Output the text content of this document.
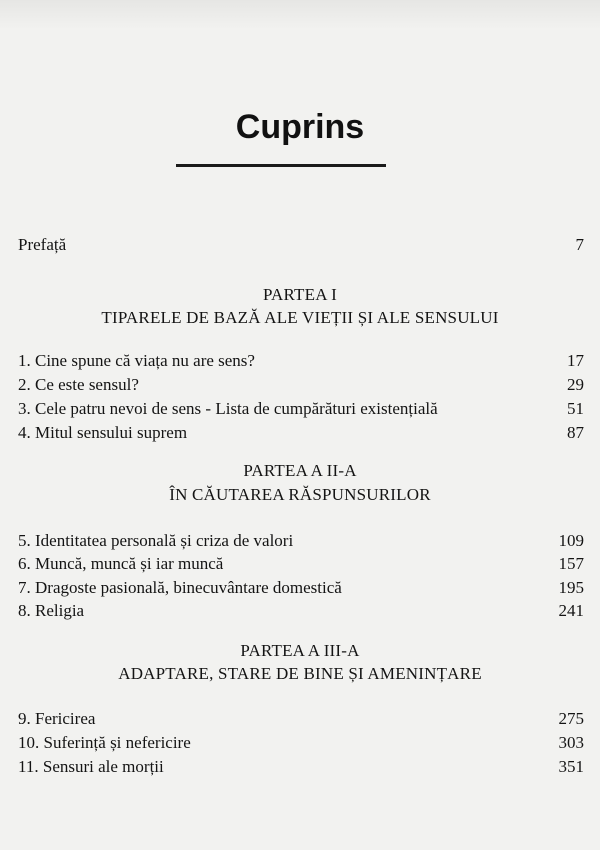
Cuprins
Prefață	7
PARTEA I
TIPARELE DE BAZĂ ALE VIEȚII ȘI ALE SENSULUI
1. Cine spune că viața nu are sens?	17
2. Ce este sensul?	29
3. Cele patru nevoi de sens - Lista de cumpărături existențială	51
4. Mitul sensului suprem	87
PARTEA A II-A
ÎN CĂUTAREA RĂSPUNSURILOR
5. Identitatea personală și criza de valori	109
6. Muncă, muncă și iar muncă	157
7. Dragoste pasională, binecuvântare domestică	195
8. Religia	241
PARTEA A III-A
ADAPTARE, STARE DE BINE ȘI AMENINȚARE
9. Fericirea	275
10. Suferință și nefericire	303
11. Sensuri ale morții	351
